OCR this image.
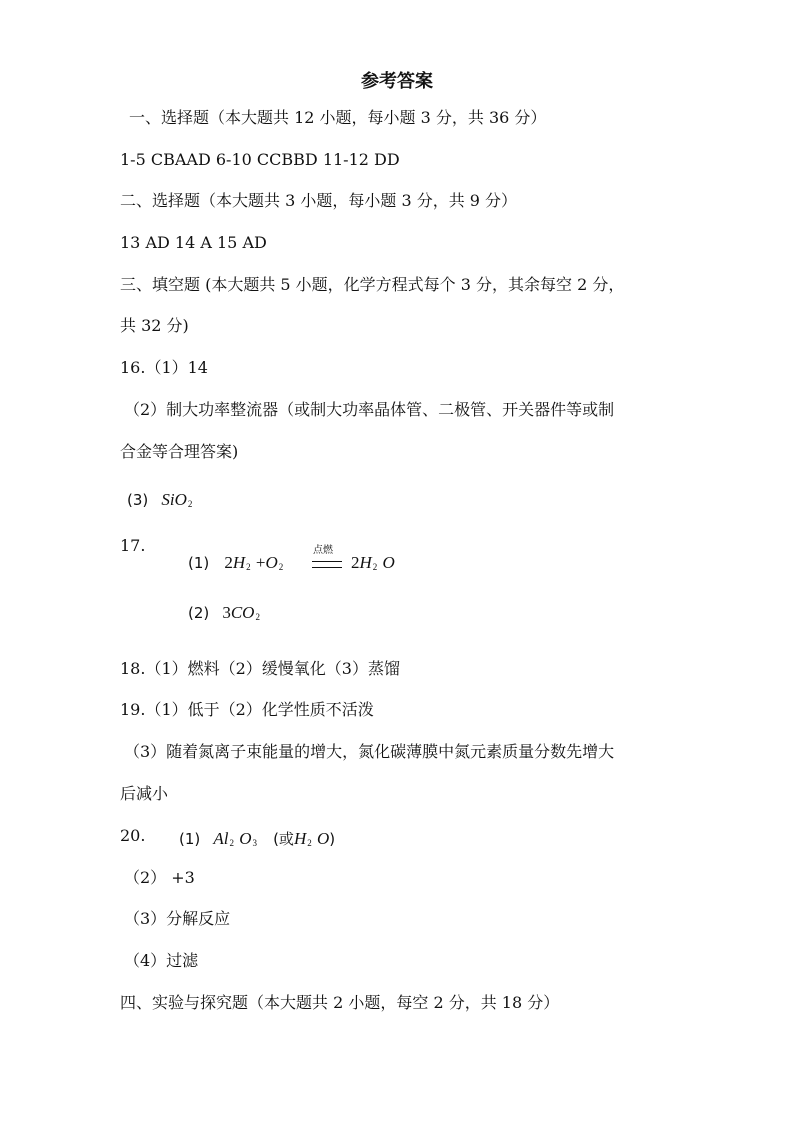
参考答案
一、选择题（本大题共 12 小题，每小题 3 分，共 36 分）
1-5 CBAAD 6-10 CCBBD 11-12 DD
二、选择题（本大题共 3 小题，每小题 3 分，共 9 分）
13 AD 14 A 15 AD
三、填空题 (本大题共 5 小题，化学方程式每个 3 分，其余每空 2 分，
共 32 分)
16.（1）14
（2）制大功率整流器（或制大功率晶体管、二极管、开关器件等或制
合金等合理答案)
(3) SiO2
17.
(1) 2H2 +O2
点燃
2H2 O
(2) 3CO2
18.（1）燃料（2）缓慢氧化（3）蒸馏
19.（1）低于（2）化学性质不活泼
（3）随着氮离子束能量的增大，氮化碳薄膜中氮元素质量分数先增大
后减小
20. (1) Al2 O3 (或H2 O)
（2） +3
（3）分解反应
（4）过滤
四、实验与探究题（本大题共 2 小题，每空 2 分，共 18 分）
